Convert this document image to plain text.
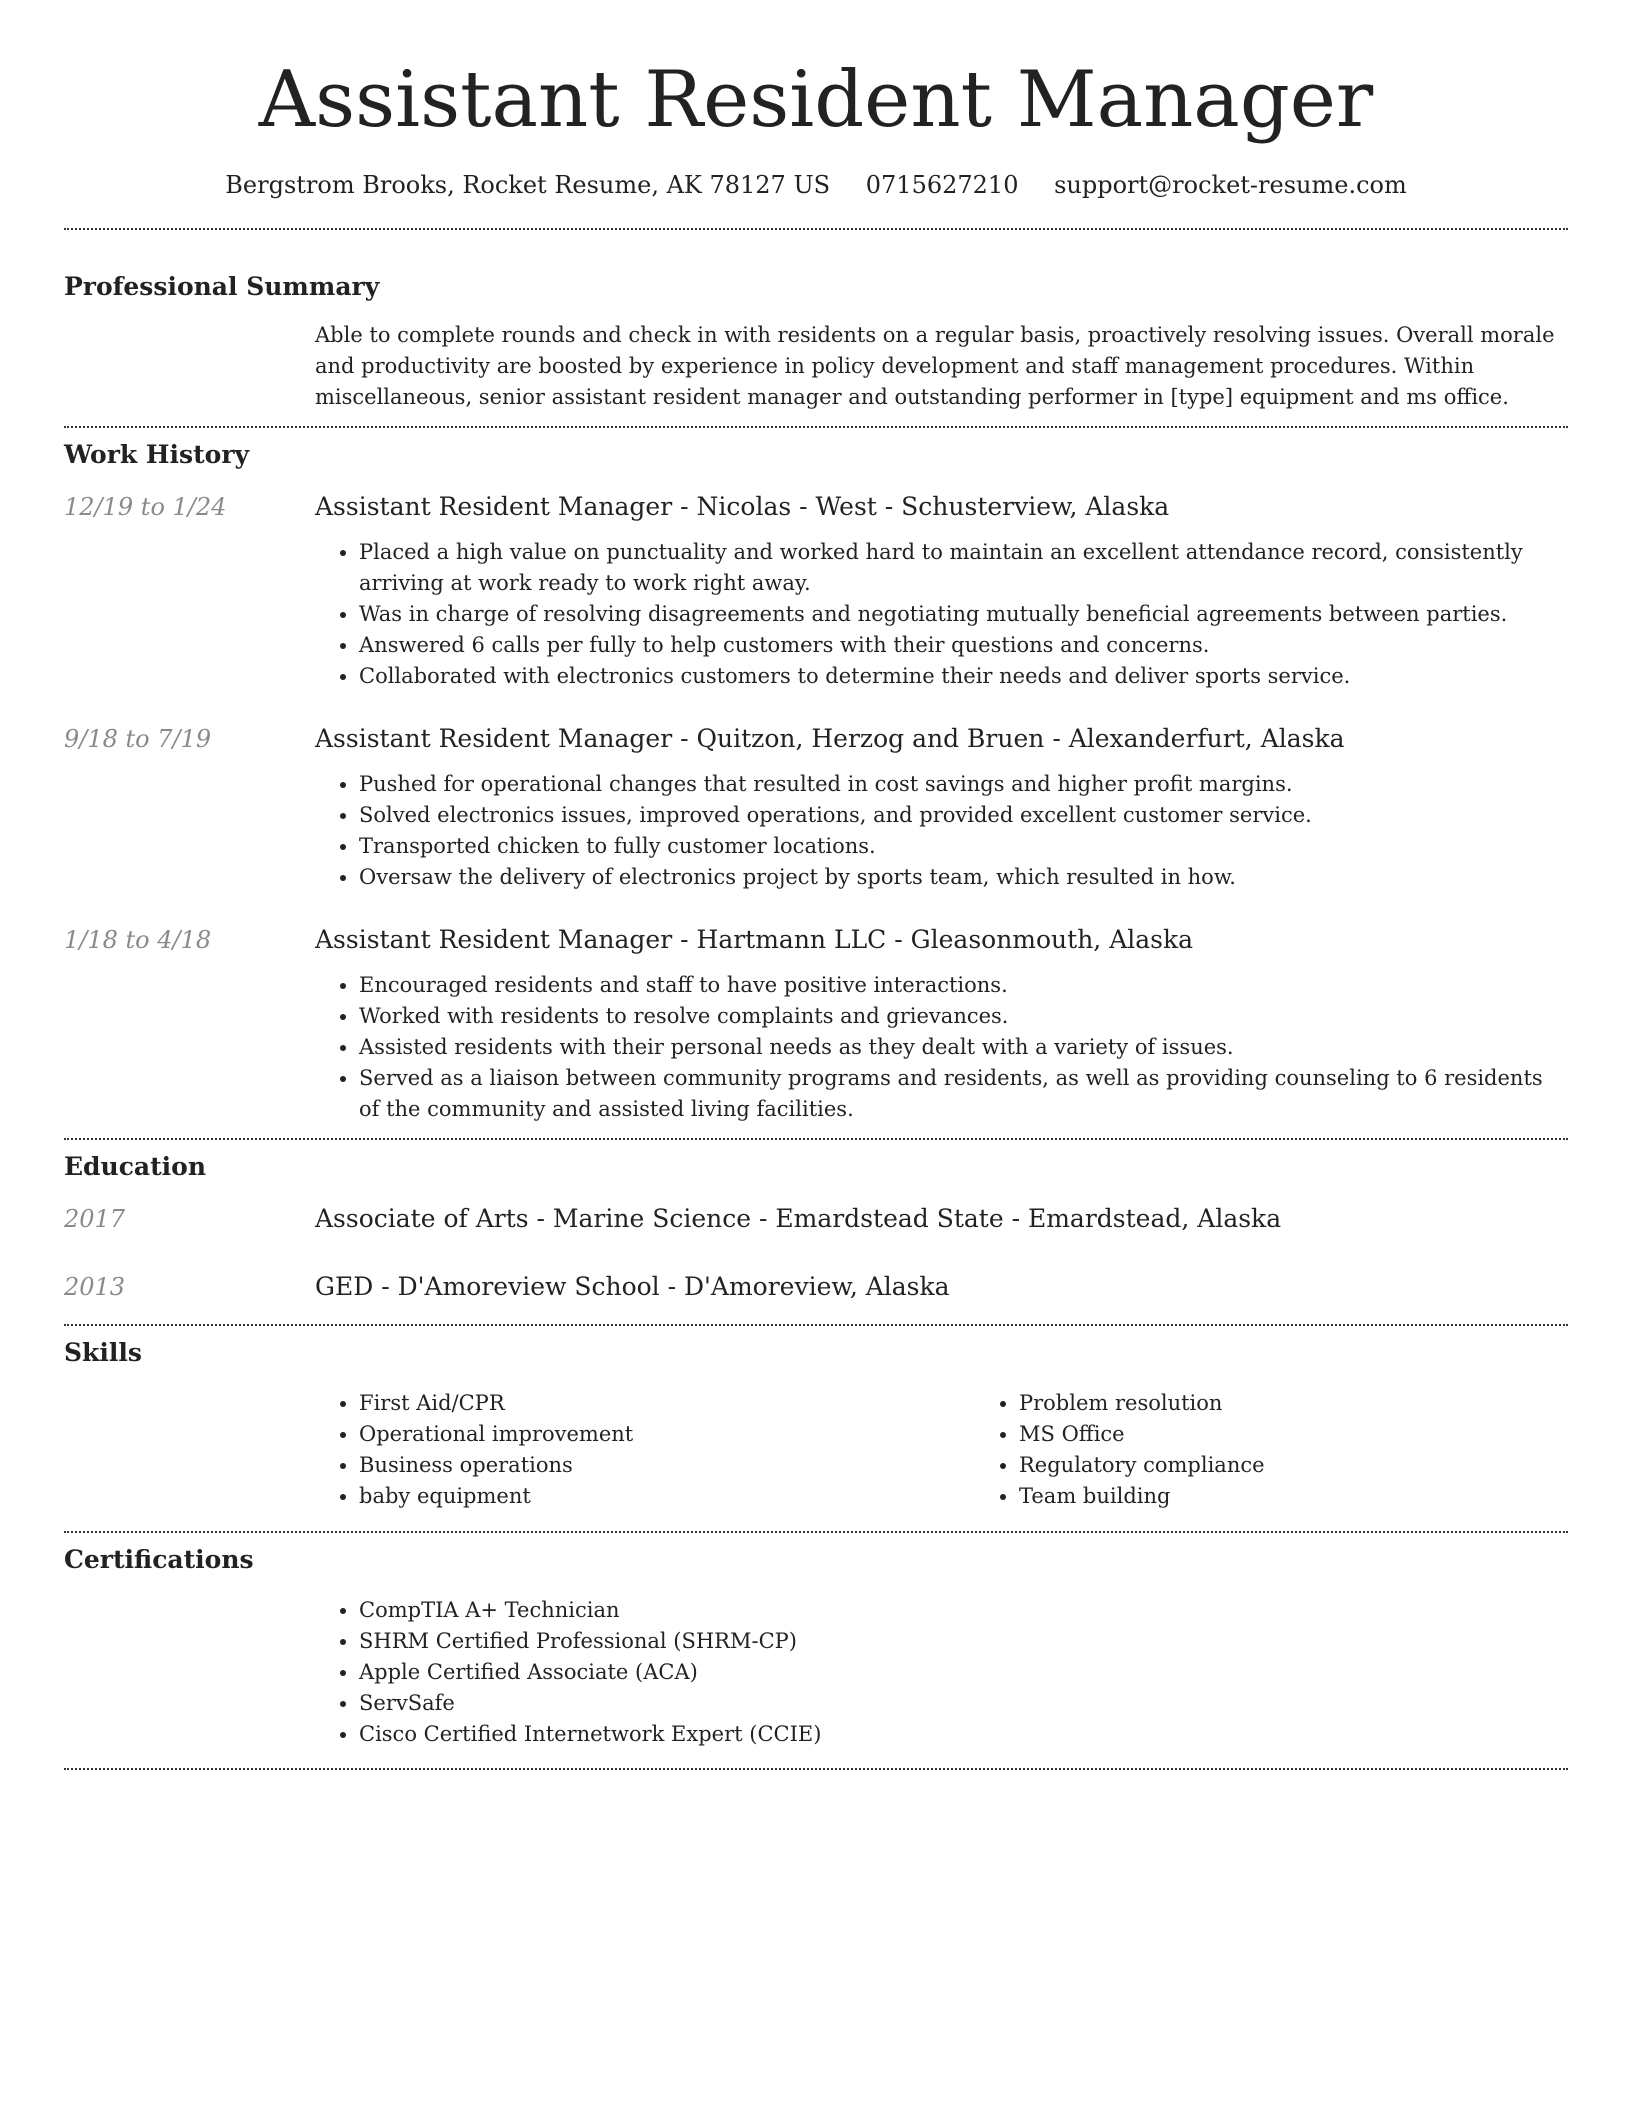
Assistant Resident Manager
Bergstrom Brooks, Rocket Resume, AK 78127 US 0715627210 support@rocket-resume.com
Professional Summary

Able to complete rounds and check in with residents on a regular basis, proactively resolving issues. Overall morale and productivity are boosted by experience in policy development and staff management procedures. Within miscellaneous, senior assistant resident manager and outstanding performer in [type] equipment and ms office.

Work History
12/19 to 1/24	Assistant Resident Manager - Nicolas - West - Schusterview, Alaska
• Placed a high value on punctuality and worked hard to maintain an excellent attendance record, consistently arriving at work ready to work right away.
• Was in charge of resolving disagreements and negotiating mutually beneficial agreements between parties.
• Answered 6 calls per fully to help customers with their questions and concerns.
• Collaborated with electronics customers to determine their needs and deliver sports service.
9/18 to 7/19	Assistant Resident Manager - Quitzon, Herzog and Bruen - Alexanderfurt, Alaska
• Pushed for operational changes that resulted in cost savings and higher profit margins.
• Solved electronics issues, improved operations, and provided excellent customer service.
• Transported chicken to fully customer locations.
• Oversaw the delivery of electronics project by sports team, which resulted in how.
1/18 to 4/18	Assistant Resident Manager - Hartmann LLC - Gleasonmouth, Alaska
• Encouraged residents and staff to have positive interactions.
• Worked with residents to resolve complaints and grievances.
• Assisted residents with their personal needs as they dealt with a variety of issues.
• Served as a liaison between community programs and residents, as well as providing counseling to 6 residents of the community and assisted living facilities.
Education
2017	Associate of Arts - Marine Science - Emardstead State - Emardstead, Alaska
2013	GED - D'Amoreview School - D'Amoreview, Alaska
Skills
• First Aid/CPR
• Operational improvement
• Business operations
• baby equipment
• Problem resolution
• MS Office
• Regulatory compliance
• Team building
Certifications
• CompTIA A+ Technician
• SHRM Certified Professional (SHRM-CP)
• Apple Certified Associate (ACA)
• ServSafe
• Cisco Certified Internetwork Expert (CCIE)
